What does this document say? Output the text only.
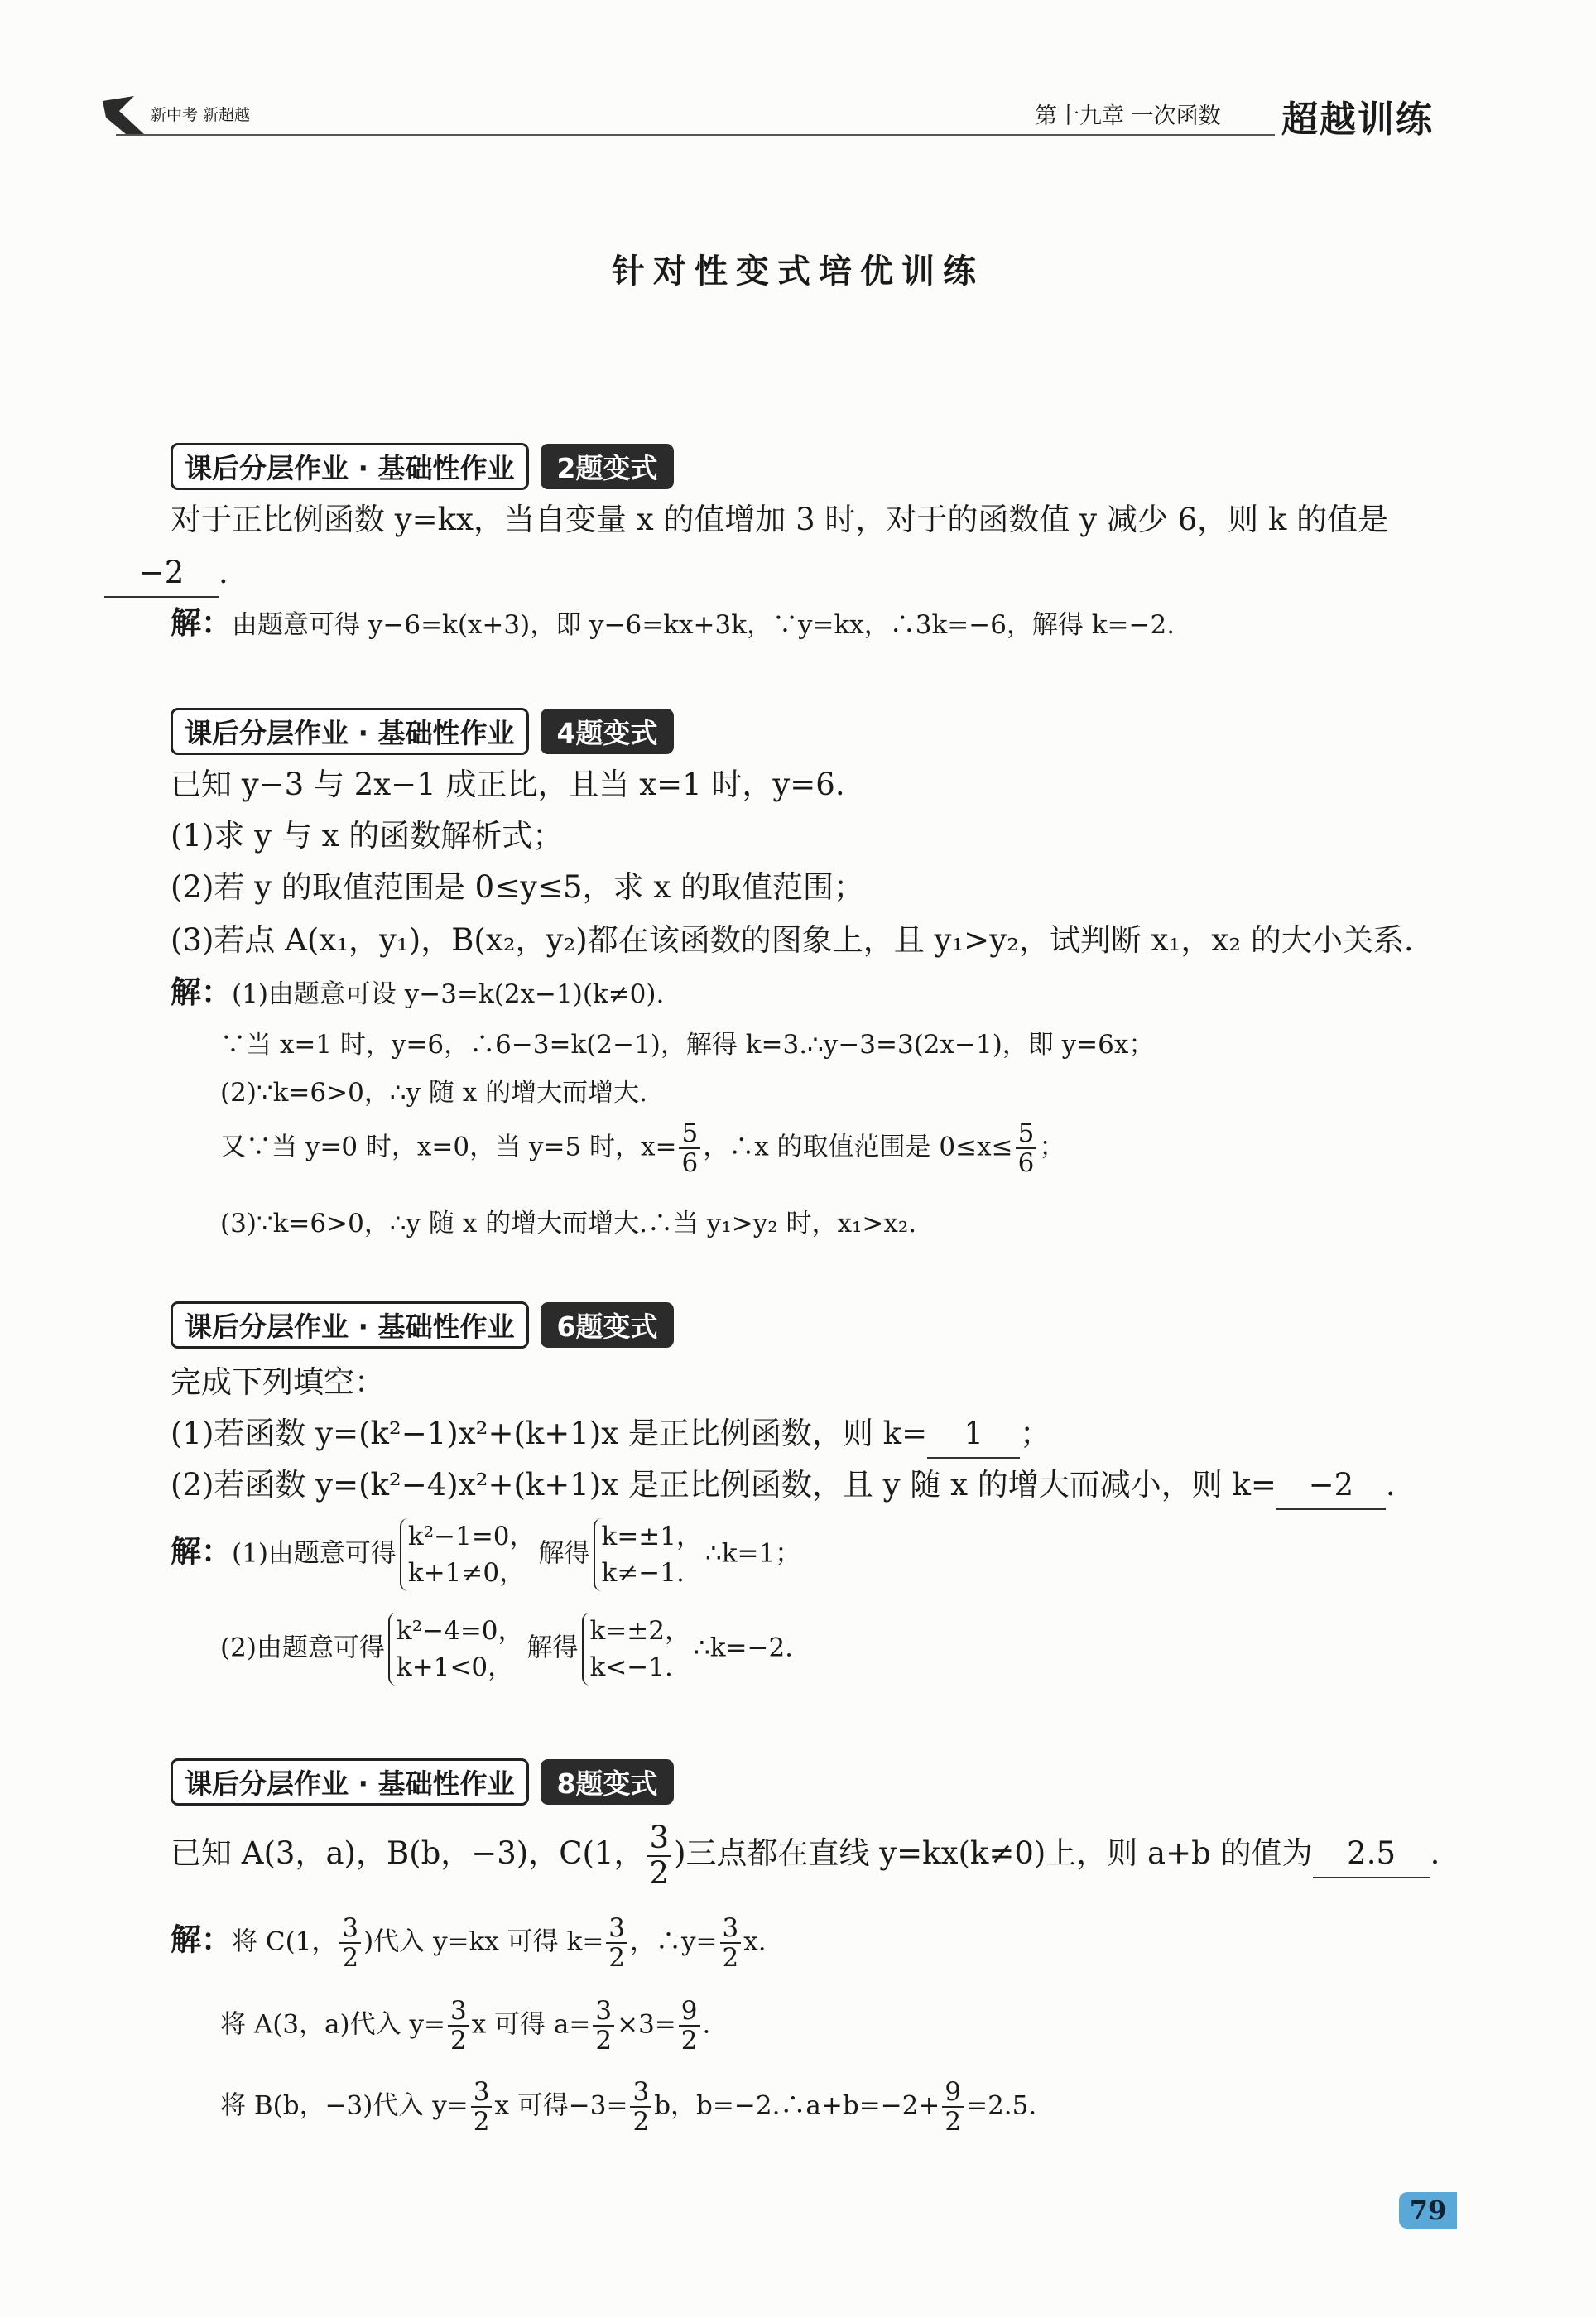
新中考 新超越	第十九章 一次函数 超越训练
针对性变式培优训练
课后分层作业 · 基础性作业 2题变式
对于正比例函数 y=kx，当自变量 x 的值增加 3 时，对于的函数值 y 减少 6，则 k 的值是
−2 .
解：由题意可得 y−6=k(x+3)，即 y−6=kx+3k，∵y=kx，∴3k=−6，解得 k=−2.
课后分层作业 · 基础性作业 4题变式
已知 y−3 与 2x−1 成正比，且当 x=1 时，y=6.
(1)求 y 与 x 的函数解析式；
(2)若 y 的取值范围是 0≤y≤5，求 x 的取值范围；
(3)若点 A(x₁，y₁)，B(x₂，y₂)都在该函数的图象上，且 y₁>y₂，试判断 x₁，x₂ 的大小关系.
解：(1)由题意可设 y−3=k(2x−1)(k≠0).
∵当 x=1 时，y=6，∴6−3=k(2−1)，解得 k=3.∴y−3=3(2x−1)，即 y=6x；
(2)∵k=6>0，∴y 随 x 的增大而增大.
又∵当 y=0 时，x=0，当 y=5 时，$x= \frac{5}{6}$ ，∴x 的取值范围是 $0\le x\le \frac{5}{6}$ ；
(3)∵k=6>0，∴y 随 x 的增大而增大.∴当 y₁>y₂ 时，x₁>x₂.
课后分层作业 · 基础性作业 6题变式
完成下列填空：
(1)若函数 y=(k²−1)x²+(k+1)x 是正比例函数，则 k= 1 ；
(2)若函数 y=(k²−4)x²+(k+1)x 是正比例函数，且 y 随 x 的增大而减小，则 k= −2 .
解：(1)由题意可得k²−1=0，
k+1≠0，解得k=±1，
k≠−1.∴k=1；
(2)由题意可得k²−4=0，
k+1<0，解得k=±2，
k<−1.∴k=−2.
课后分层作业 · 基础性作业 8题变式
已知 A(3，a)，B(b，−3)，C(1， $\frac{3}{2}$ )三点都在直线 y=kx(k≠0)上，则 a+b 的值为 2.5 .
解：将 C(1， $\frac{3}{2}$ )代入 y=kx 可得 $k= \frac{3}{2}$ ，∴y= $\frac{3}{2} x$.
将 A(3，a)代入 $y= \frac{3}{2}$ x 可得 $a= \frac{3}{2} \times 3= \frac{9}{2}$ .
将 B(b，−3)代入 $y= \frac{3}{2}$ x 可得$-3= \frac{3}{2}$ b，b=−2.∴a+b=−2+ $\frac{9}{2} =2.5$.
79
